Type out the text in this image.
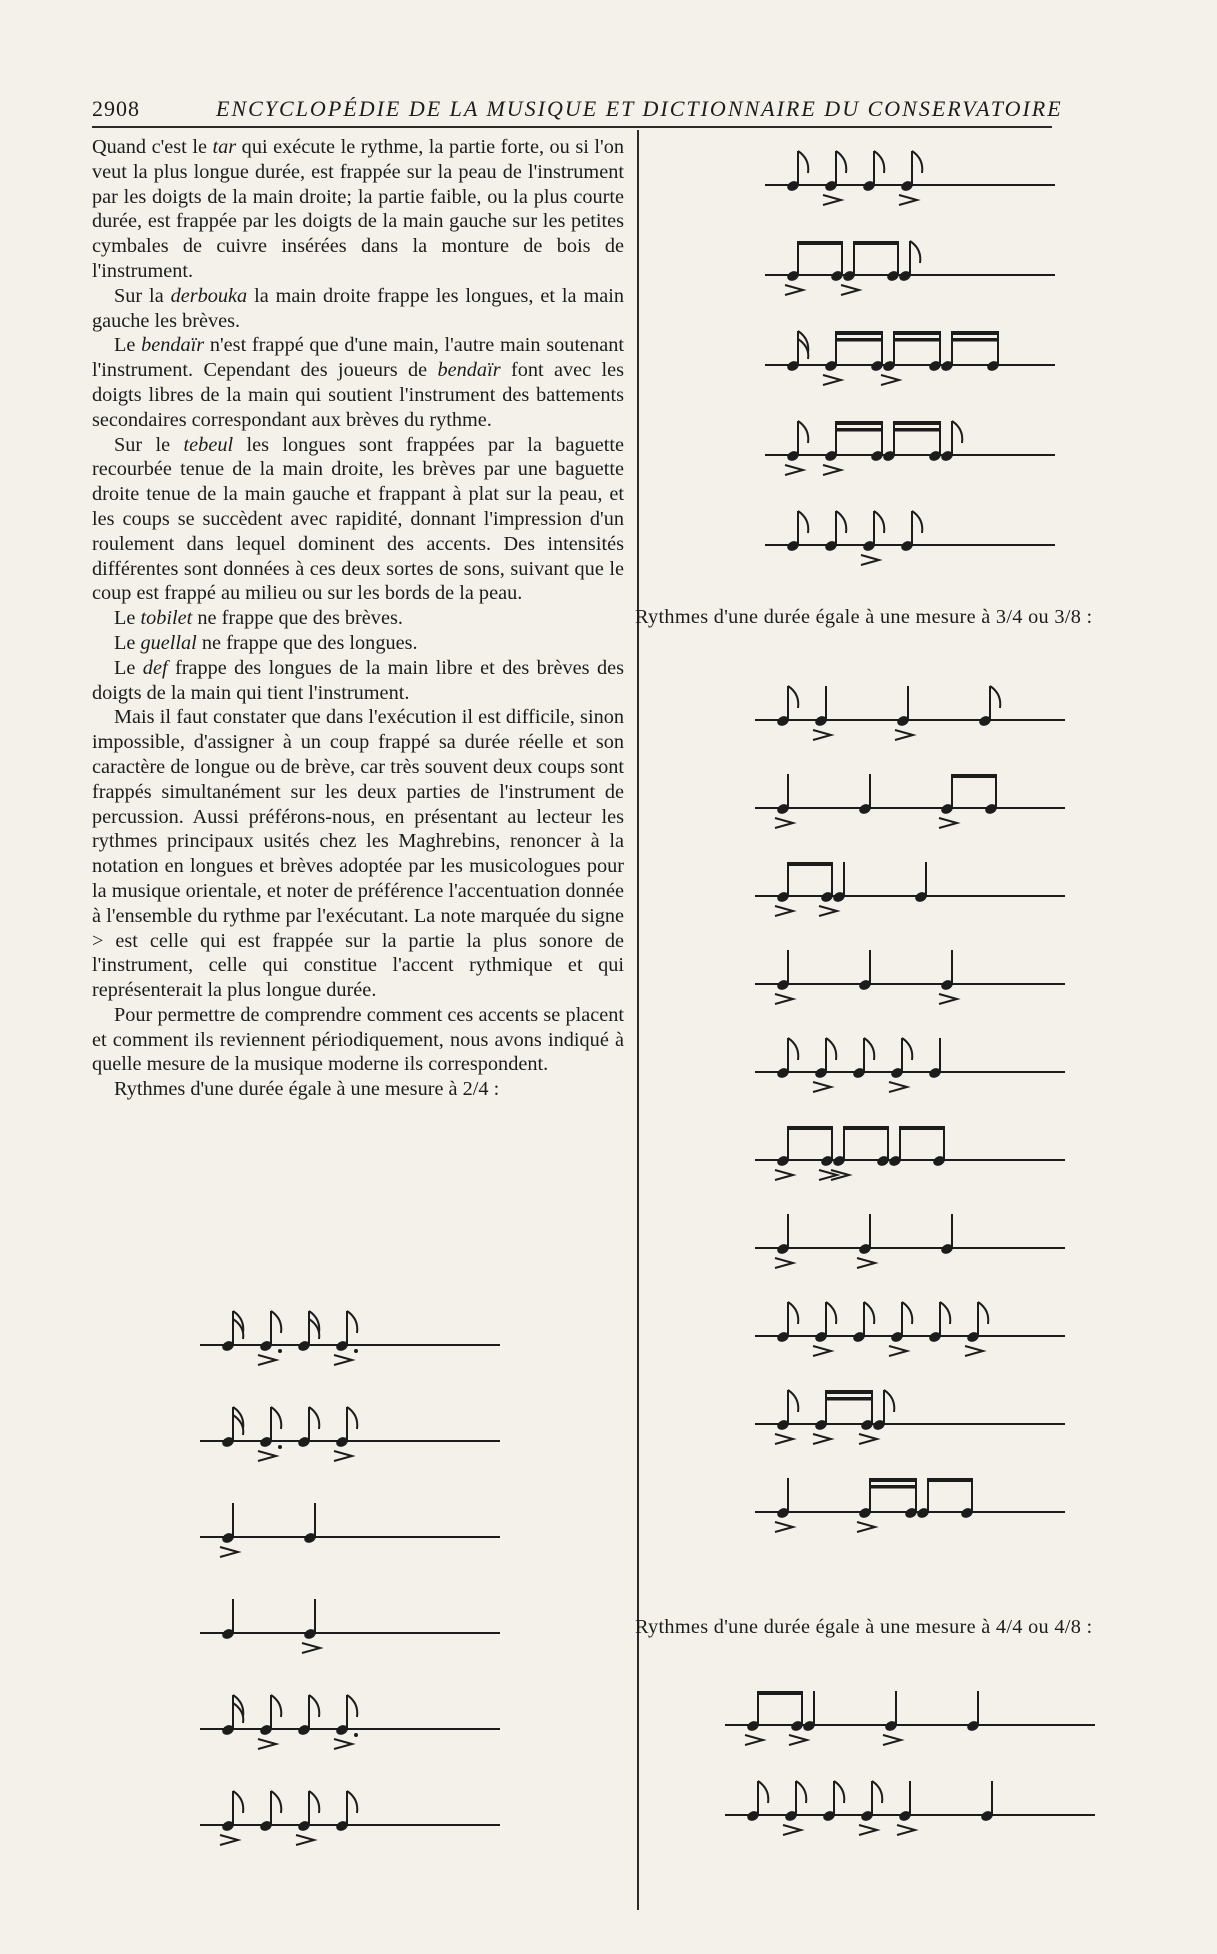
2908	ENCYCLOPÉDIE DE LA MUSIQUE ET DICTIONNAIRE DU CONSERVATOIRE

Quand c'est le tar qui exécute le rythme, la partie forte, ou si l'on veut la plus longue durée, est frappée sur la peau de l'instrument par les doigts de la main droite; la partie faible, ou la plus courte durée, est frappée par les doigts de la main gauche sur les petites cymbales de cuivre insérées dans la monture de bois de l'instrument.

Sur la derbouka la main droite frappe les longues, et la main gauche les brèves.

Le bendaïr n'est frappé que d'une main, l'autre main soutenant l'instrument. Cependant des joueurs de bendaïr font avec les doigts libres de la main qui soutient l'instrument des battements secondaires correspondant aux brèves du rythme.

Sur le tebeul les longues sont frappées par la baguette recourbée tenue de la main droite, les brèves par une baguette droite tenue de la main gauche et frappant à plat sur la peau, et les coups se succèdent avec rapidité, donnant l'impression d'un roulement dans lequel dominent des accents. Des intensités différentes sont données à ces deux sortes de sons, suivant que le coup est frappé au milieu ou sur les bords de la peau.

Le tobilet ne frappe que des brèves.

Le guellal ne frappe que des longues.

Le def frappe des longues de la main libre et des brèves des doigts de la main qui tient l'instrument.

Mais il faut constater que dans l'exécution il est difficile, sinon impossible, d'assigner à un coup frappé sa durée réelle et son caractère de longue ou de brève, car très souvent deux coups sont frappés simultanément sur les deux parties de l'instrument de percussion. Aussi préférons-nous, en présentant au lecteur les rythmes principaux usités chez les Maghrebins, renoncer à la notation en longues et brèves adoptée par les musicologues pour la musique orientale, et noter de préférence l'accentuation donnée à l'ensemble du rythme par l'exécutant. La note marquée du signe > est celle qui est frappée sur la partie la plus sonore de l'instrument, celle qui constitue l'accent rythmique et qui représenterait la plus longue durée.

Pour permettre de comprendre comment ces accents se placent et comment ils reviennent périodiquement, nous avons indiqué à quelle mesure de la musique moderne ils correspondent.

Rythmes d'une durée égale à une mesure à 2/4 :

Rythmes d'une durée égale à une mesure à 3/4 ou 3/8 :
Rythmes d'une durée égale à une mesure à 4/4 ou 4/8 :
